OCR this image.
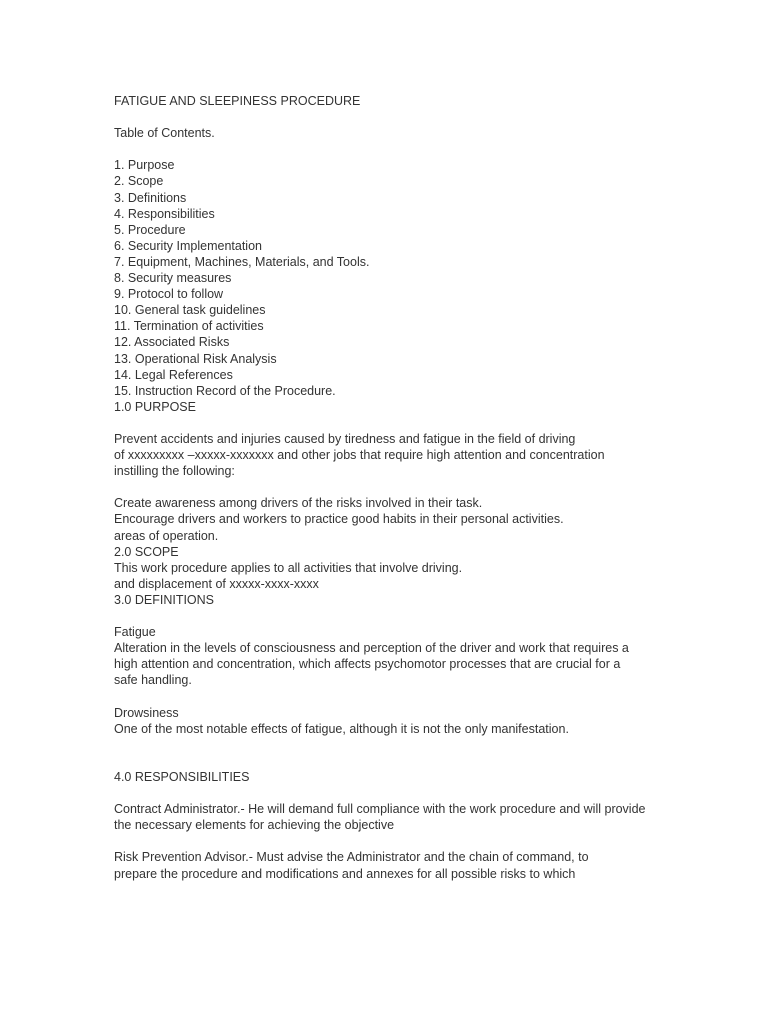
FATIGUE AND SLEEPINESS PROCEDURE
Table of Contents.
1. Purpose
2. Scope
3. Definitions
4. Responsibilities
5. Procedure
6. Security Implementation
7. Equipment, Machines, Materials, and Tools.
8. Security measures
9. Protocol to follow
10. General task guidelines
11. Termination of activities
12. Associated Risks
13. Operational Risk Analysis
14. Legal References
15. Instruction Record of the Procedure.
1.0 PURPOSE
Prevent accidents and injuries caused by tiredness and fatigue in the field of driving
of xxxxxxxxx –xxxxx-xxxxxxx and other jobs that require high attention and concentration
instilling the following:
Create awareness among drivers of the risks involved in their task.
Encourage drivers and workers to practice good habits in their personal activities.
areas of operation.
2.0 SCOPE
This work procedure applies to all activities that involve driving.
and displacement of xxxxx-xxxx-xxxx
3.0 DEFINITIONS
Fatigue
Alteration in the levels of consciousness and perception of the driver and work that requires a
high attention and concentration, which affects psychomotor processes that are crucial for a
safe handling.
Drowsiness
One of the most notable effects of fatigue, although it is not the only manifestation.
4.0 RESPONSIBILITIES
Contract Administrator.- He will demand full compliance with the work procedure and will provide
the necessary elements for achieving the objective
Risk Prevention Advisor.- Must advise the Administrator and the chain of command, to
prepare the procedure and modifications and annexes for all possible risks to which
